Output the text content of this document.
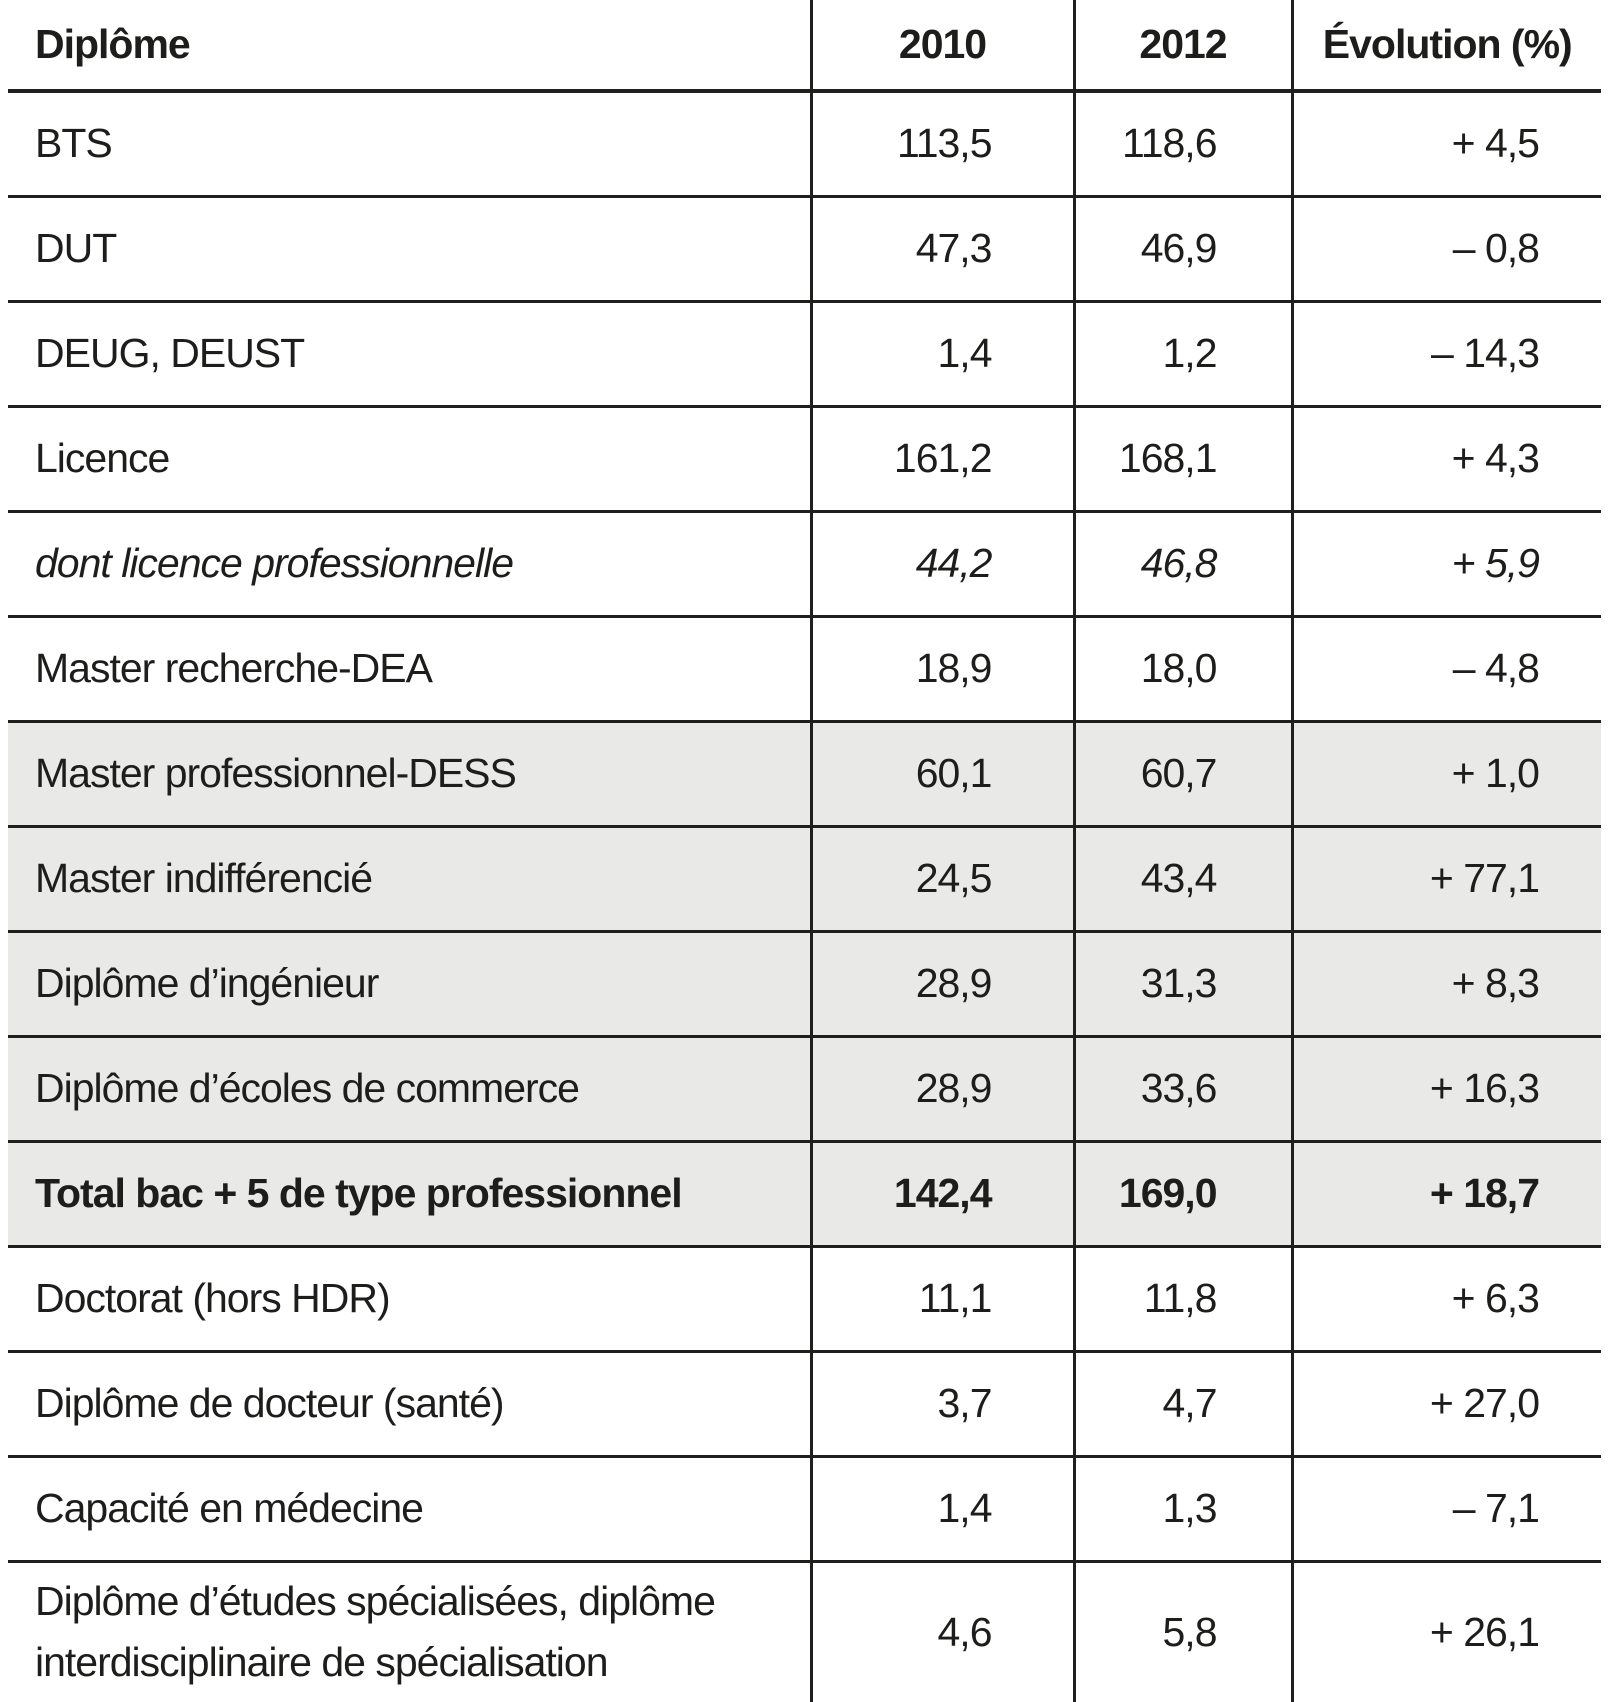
Diplôme	2010	2012	Évolution (%)
BTS	113,5	118,6	+ 4,5
DUT	47,3	46,9	– 0,8
DEUG, DEUST	1,4	1,2	– 14,3
Licence	161,2	168,1	+ 4,3
dont licence professionnelle	44,2	46,8	+ 5,9
Master recherche-DEA	18,9	18,0	– 4,8
Master professionnel-DESS	60,1	60,7	+ 1,0
Master indifférencié	24,5	43,4	+ 77,1
Diplôme d’ingénieur	28,9	31,3	+ 8,3
Diplôme d’écoles de commerce	28,9	33,6	+ 16,3
Total bac + 5 de type professionnel	142,4	169,0	+ 18,7
Doctorat (hors HDR)	11,1	11,8	+ 6,3
Diplôme de docteur (santé)	3,7	4,7	+ 27,0
Capacité en médecine	1,4	1,3	– 7,1
Diplôme d’études spécialisées, diplôme interdisciplinaire de spécialisation	4,6	5,8	+ 26,1
